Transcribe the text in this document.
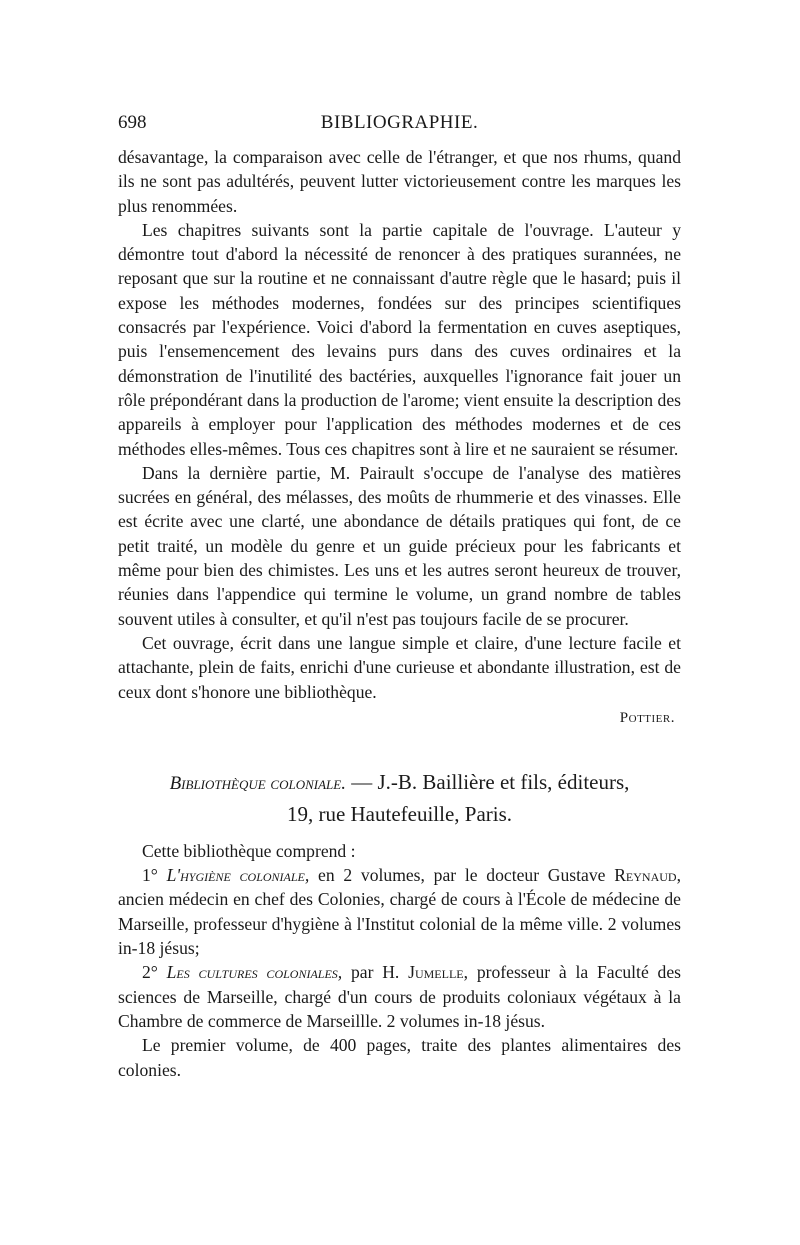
698	BIBLIOGRAPHIE.

désavantage, la comparaison avec celle de l'étranger, et que nos rhums, quand ils ne sont pas adultérés, peuvent lutter victorieusement contre les marques les plus renommées.

Les chapitres suivants sont la partie capitale de l'ouvrage. L'auteur y démontre tout d'abord la nécessité de renoncer à des pratiques surannées, ne reposant que sur la routine et ne connaissant d'autre règle que le hasard; puis il expose les méthodes modernes, fondées sur des principes scientifiques consacrés par l'expérience. Voici d'abord la fermentation en cuves aseptiques, puis l'ensemencement des levains purs dans des cuves ordinaires et la démonstration de l'inutilité des bactéries, auxquelles l'ignorance fait jouer un rôle prépondérant dans la production de l'arome; vient ensuite la description des appareils à employer pour l'application des méthodes modernes et de ces méthodes elles-mêmes. Tous ces chapitres sont à lire et ne sauraient se résumer.

Dans la dernière partie, M. Pairault s'occupe de l'analyse des matières sucrées en général, des mélasses, des moûts de rhummerie et des vinasses. Elle est écrite avec une clarté, une abondance de détails pratiques qui font, de ce petit traité, un modèle du genre et un guide précieux pour les fabricants et même pour bien des chimistes. Les uns et les autres seront heureux de trouver, réunies dans l'appendice qui termine le volume, un grand nombre de tables souvent utiles à consulter, et qu'il n'est pas toujours facile de se procurer.

Cet ouvrage, écrit dans une langue simple et claire, d'une lecture facile et attachante, plein de faits, enrichi d'une curieuse et abondante illustration, est de ceux dont s'honore une bibliothèque.

Pottier.
Bibliothèque coloniale. — J.-B. Baillière et fils, éditeurs,
19, rue Hautefeuille, Paris.

Cette bibliothèque comprend :

1° L'hygiène coloniale, en 2 volumes, par le docteur Gustave Reynaud, ancien médecin en chef des Colonies, chargé de cours à l'École de médecine de Marseille, professeur d'hygiène à l'Institut colonial de la même ville. 2 volumes in-18 jésus;

2° Les cultures coloniales, par H. Jumelle, professeur à la Faculté des sciences de Marseille, chargé d'un cours de produits coloniaux végétaux à la Chambre de commerce de Marseillle. 2 volumes in-18 jésus.

Le premier volume, de 400 pages, traite des plantes alimentaires des colonies.
